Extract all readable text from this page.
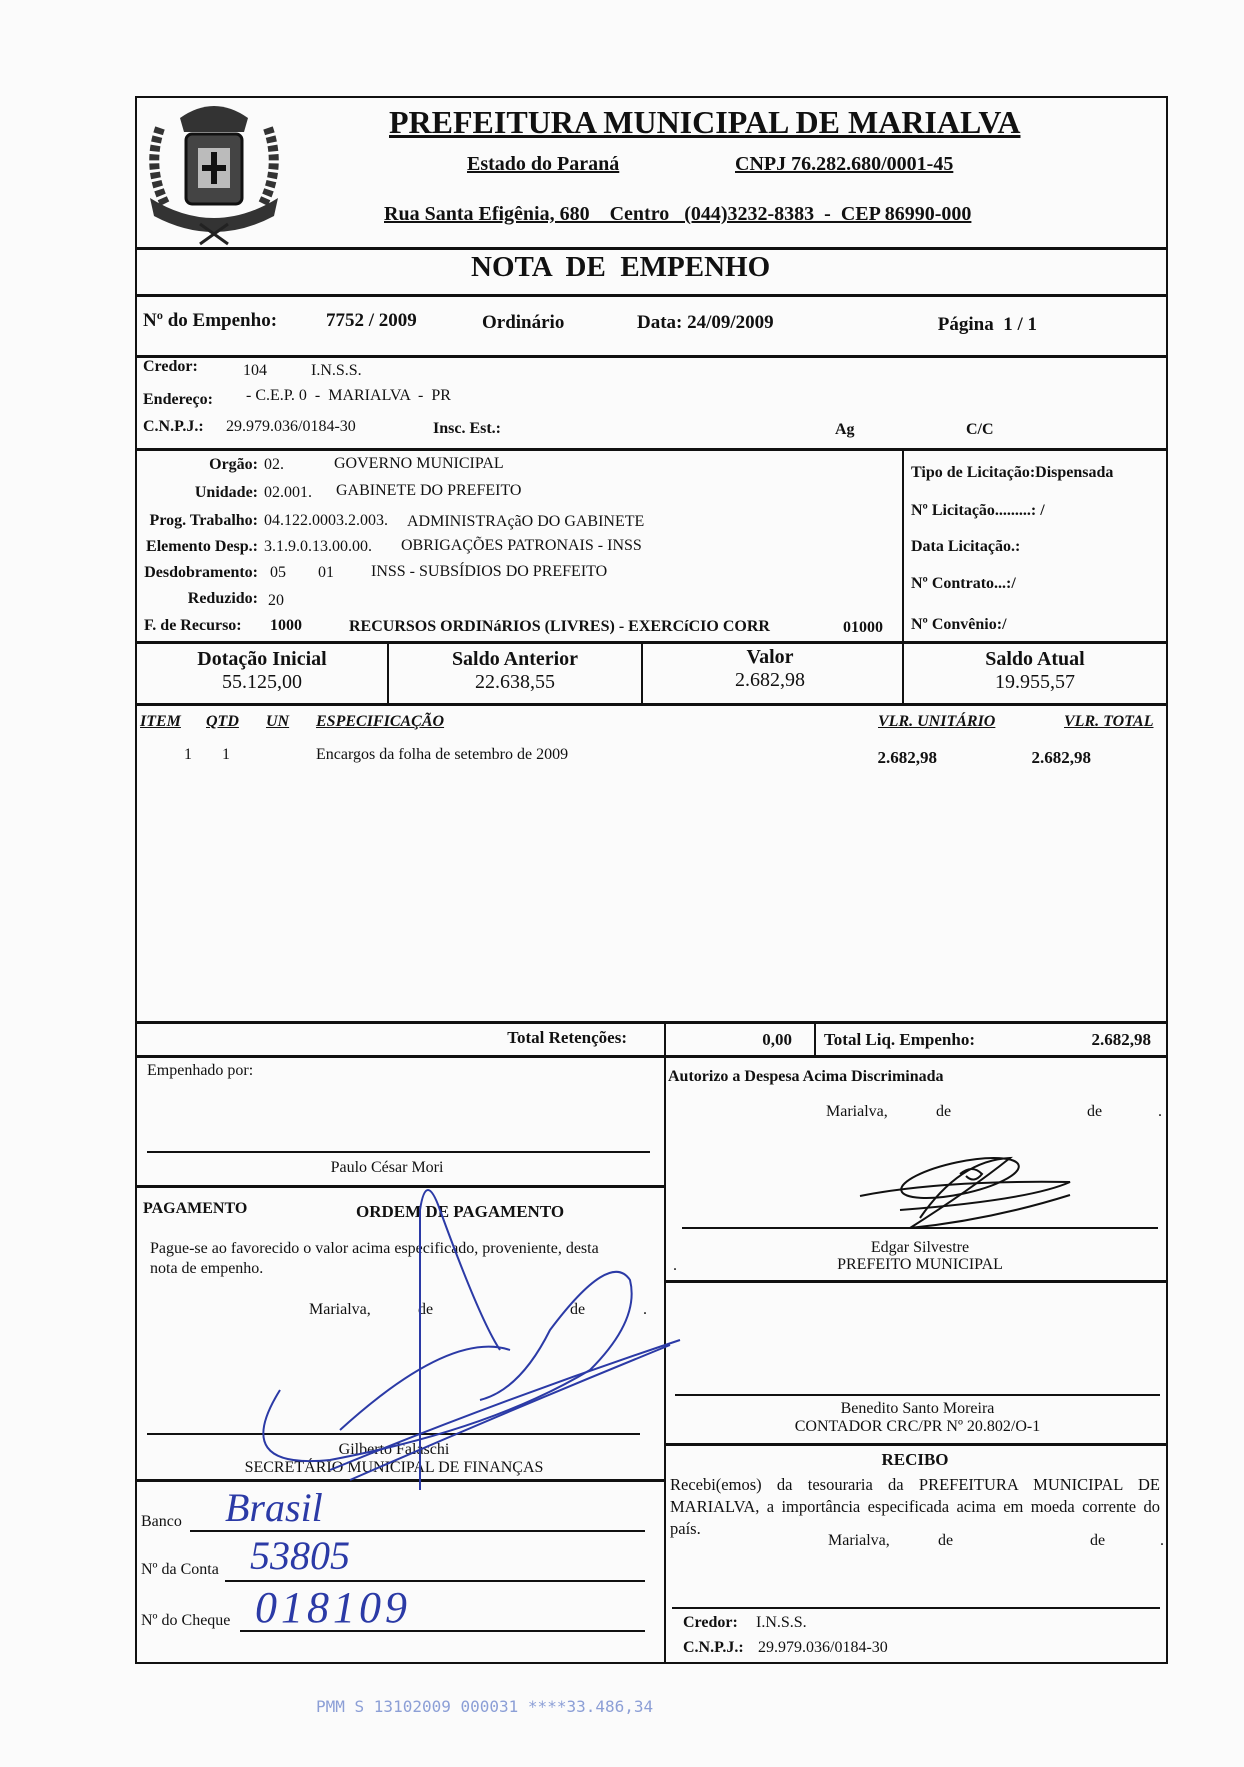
PREFEITURA MUNICIPAL DE MARIALVA
Estado do Paraná	CNPJ 76.282.680/0001-45
Rua Santa Efigênia, 680    Centro   (044)3232-8383  -  CEP 86990-000
NOTA  DE  EMPENHO
Nº do Empenho:	7752 / 2009	Ordinário	Data: 24/09/2009	Página  1 / 1
Credor:	104	I.N.S.S.
Endereço: - C.E.P. 0  -  MARIALVA  -  PR
C.N.P.J.: 29.979.036/0184-30	Insc. Est.:	Ag	C/C
Orgão: 02.	GOVERNO MUNICIPAL
Unidade: 02.001. GABINETE DO PREFEITO
Prog. Trabalho: 04.122.0003.2.003. ADMINISTRAçãO DO GABINETE
Elemento Desp.: 3.1.9.0.13.00.00. OBRIGAÇÕES PATRONAIS - INSS
Desdobramento: 05 01 INSS - SUBSÍDIOS DO PREFEITO
Reduzido: 20
F. de Recurso: 1000	RECURSOS ORDINáRIOS (LIVRES) - EXERCíCIO CORR	01000
Tipo de Licitação:Dispensada
Nº Licitação.........: /
Data Licitação.:
Nº Contrato...:/
Nº Convênio:/
Dotação Inicial
55.125,00
Saldo Anterior
22.638,55
Valor
2.682,98
Saldo Atual
19.955,57
ITEM QTD UN ESPECIFICAÇÃO	VLR. UNITÁRIO	VLR. TOTAL
1 1	Encargos da folha de setembro de 2009	2.682,98	2.682,98
Total Retenções:	0,00 Total Liq. Empenho:	2.682,98
Empenhado por:
Paulo César Mori
PAGAMENTO	ORDEM DE PAGAMENTO
Pague-se ao favorecido o valor acima especificado, proveniente, desta
nota de empenho.
Marialva,	de	de	.
Gilberto Falaschi
SECRETÁRIO MUNICIPAL DE FINANÇAS
Banco Brasil
Nº da Conta 53805
Nº do Cheque 018109
Autorizo a Despesa Acima Discriminada
Marialva,	de	de	.
.
Edgar Silvestre
PREFEITO MUNICIPAL
Benedito Santo Moreira
CONTADOR CRC/PR Nº 20.802/O-1
RECIBO
Recebi(emos) da tesouraria da PREFEITURA MUNICIPAL DE MARIALVA, a importância especificada acima em moeda corrente do país.
Marialva,	de	de	.
Credor: I.N.S.S.
C.N.P.J.: 29.979.036/0184-30
PMM S 13102009 000031 ****33.486,34
